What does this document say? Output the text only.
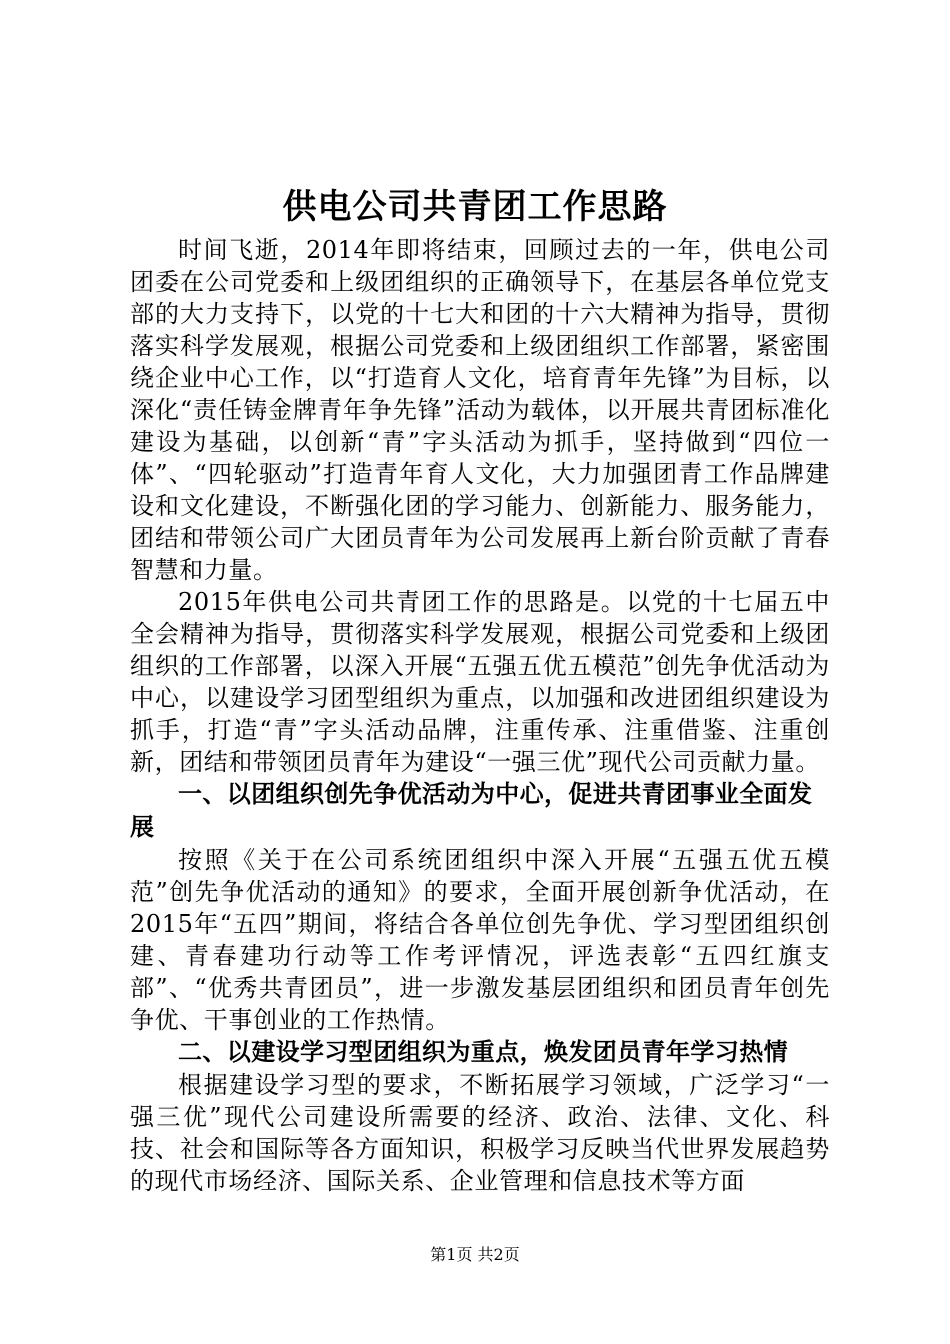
供电公司共青团工作思路

时间飞逝，2014年即将结束，回顾过去的一年，供电公司团委在公司党委和上级团组织的正确领导下，在基层各单位党支部的大力支持下，以党的十七大和团的十六大精神为指导，贯彻落实科学发展观，根据公司党委和上级团组织工作部署，紧密围绕企业中心工作，以“打造育人文化，培育青年先锋”为目标，以深化“责任铸金牌青年争先锋”活动为载体，以开展共青团标准化建设为基础，以创新“青”字头活动为抓手，坚持做到“四位一体”、“四轮驱动”打造青年育人文化，大力加强团青工作品牌建设和文化建设，不断强化团的学习能力、创新能力、服务能力，团结和带领公司广大团员青年为公司发展再上新台阶贡献了青春智慧和力量。

2015年供电公司共青团工作的思路是。以党的十七届五中全会精神为指导，贯彻落实科学发展观，根据公司党委和上级团组织的工作部署，以深入开展“五强五优五模范”创先争优活动为中心，以建设学习团型组织为重点，以加强和改进团组织建设为抓手，打造“青”字头活动品牌，注重传承、注重借鉴、注重创新，团结和带领团员青年为建设“一强三优”现代公司贡献力量。

一、以团组织创先争优活动为中心，促进共青团事业全面发展

按照《关于在公司系统团组织中深入开展“五强五优五模范”创先争优活动的通知》的要求，全面开展创新争优活动，在2015年“五四”期间，将结合各单位创先争优、学习型团组织创建、青春建功行动等工作考评情况，评选表彰“五四红旗支部”、“优秀共青团员”，进一步激发基层团组织和团员青年创先争优、干事创业的工作热情。

二、以建设学习型团组织为重点，焕发团员青年学习热情

根据建设学习型的要求，不断拓展学习领域，广泛学习“一强三优”现代公司建设所需要的经济、政治、法律、文化、科技、社会和国际等各方面知识，积极学习反映当代世界发展趋势的现代市场经济、国际关系、企业管理和信息技术等方面

第1页 共2页
